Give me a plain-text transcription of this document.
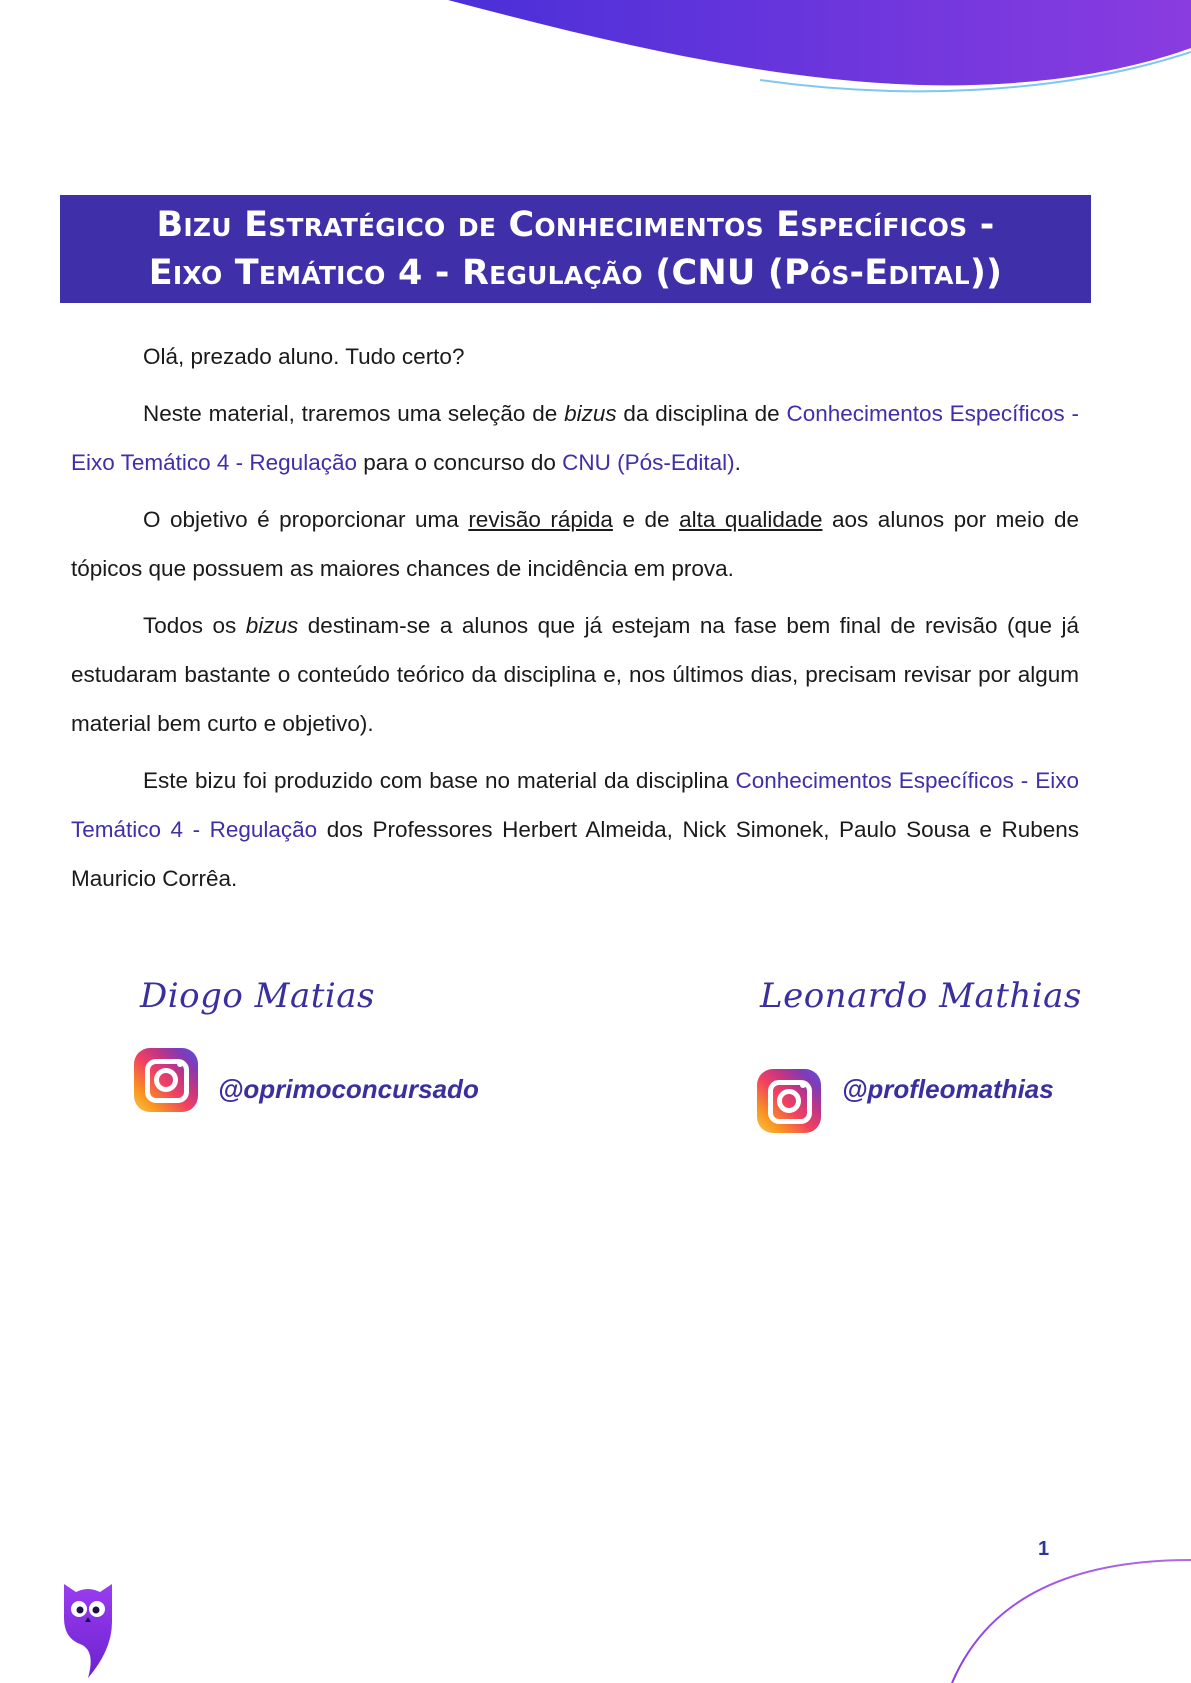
Bizu Estratégico de Conhecimentos Específicos -
Eixo Temático 4 - Regulação (CNU (Pós-Edital))

Olá, prezado aluno. Tudo certo?

Neste material, traremos uma seleção de bizus da disciplina de Conhecimentos Específicos - Eixo Temático 4 - Regulação para o concurso do CNU (Pós-Edital).

O objetivo é proporcionar uma revisão rápida e de alta qualidade aos alunos por meio de tópicos que possuem as maiores chances de incidência em prova.

Todos os bizus destinam-se a alunos que já estejam na fase bem final de revisão (que já estudaram bastante o conteúdo teórico da disciplina e, nos últimos dias, precisam revisar por algum material bem curto e objetivo).

Este bizu foi produzido com base no material da disciplina Conhecimentos Específicos - Eixo Temático 4 - Regulação dos Professores Herbert Almeida, Nick Simonek, Paulo Sousa e Rubens Mauricio Corrêa.

Diogo Matias
@oprimoconcursado
Leonardo Mathias
@profleomathias
1
